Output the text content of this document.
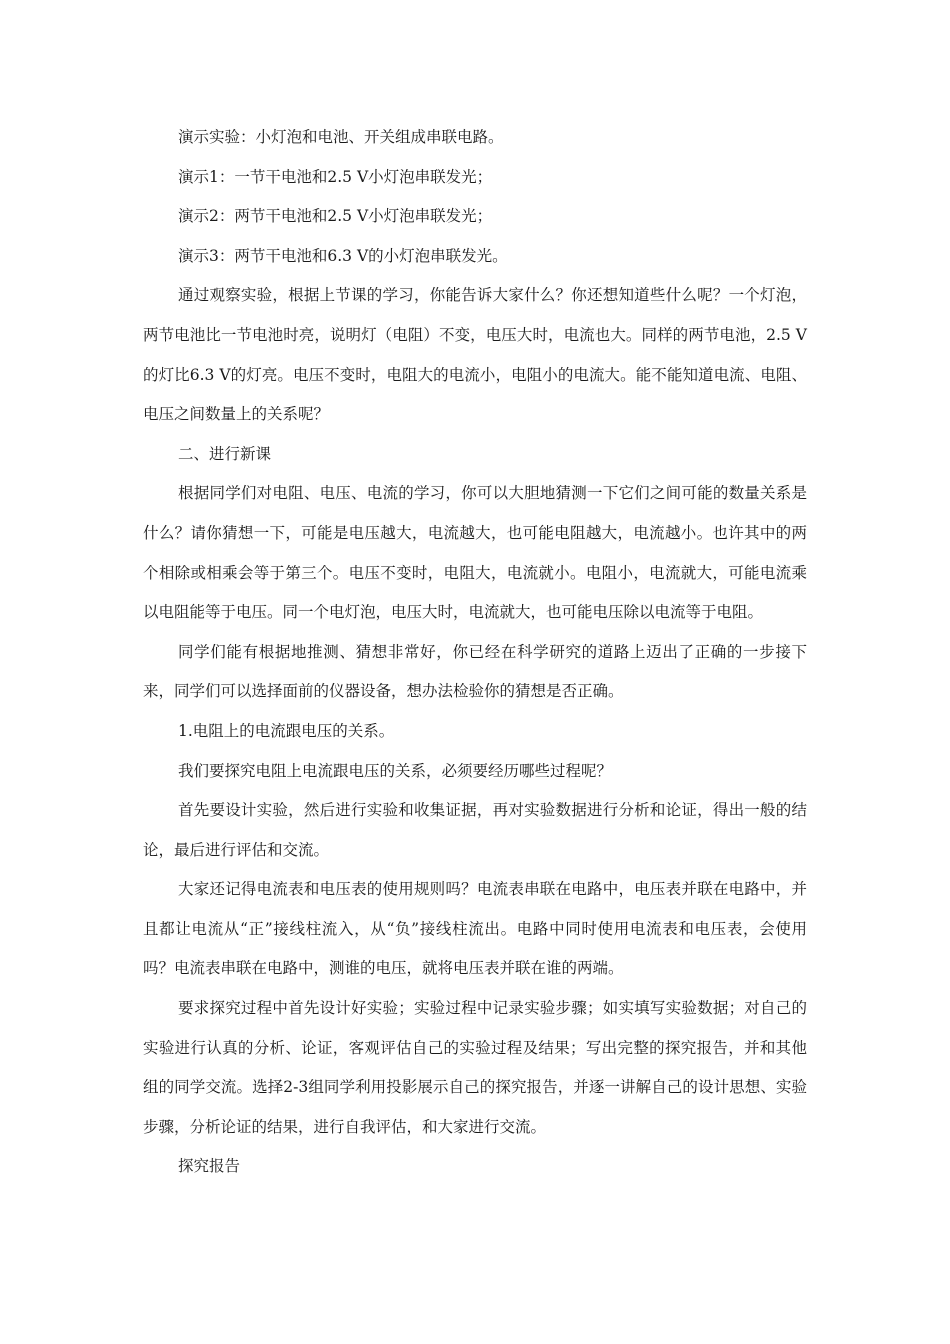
演示实验：小灯泡和电池、开关组成串联电路。

演示1：一节干电池和2.5 V小灯泡串联发光；

演示2：两节干电池和2.5 V小灯泡串联发光；

演示3：两节干电池和6.3 V的小灯泡串联发光。

通过观察实验，根据上节课的学习，你能告诉大家什么？你还想知道些什么呢？一个灯泡，两节电池比一节电池时亮，说明灯（电阻）不变，电压大时，电流也大。同样的两节电池，2.5 V的灯比6.3 V的灯亮。电压不变时，电阻大的电流小，电阻小的电流大。能不能知道电流、电阻、电压之间数量上的关系呢？

二、进行新课

根据同学们对电阻、电压、电流的学习，你可以大胆地猜测一下它们之间可能的数量关系是什么？请你猜想一下，可能是电压越大，电流越大，也可能电阻越大，电流越小。也许其中的两个相除或相乘会等于第三个。电压不变时，电阻大，电流就小。电阻小，电流就大，可能电流乘以电阻能等于电压。同一个电灯泡，电压大时，电流就大，也可能电压除以电流等于电阻。

同学们能有根据地推测、猜想非常好，你已经在科学研究的道路上迈出了正确的一步接下来，同学们可以选择面前的仪器设备，想办法检验你的猜想是否正确。

1.电阻上的电流跟电压的关系。

我们要探究电阻上电流跟电压的关系，必须要经历哪些过程呢？

首先要设计实验，然后进行实验和收集证据，再对实验数据进行分析和论证，得出一般的结论，最后进行评估和交流。

大家还记得电流表和电压表的使用规则吗？电流表串联在电路中，电压表并联在电路中，并且都让电流从“正”接线柱流入，从“负”接线柱流出。电路中同时使用电流表和电压表，会使用吗？电流表串联在电路中，测谁的电压，就将电压表并联在谁的两端。

要求探究过程中首先设计好实验；实验过程中记录实验步骤；如实填写实验数据；对自己的实验进行认真的分析、论证，客观评估自己的实验过程及结果；写出完整的探究报告，并和其他组的同学交流。选择2-3组同学利用投影展示自己的探究报告，并逐一讲解自己的设计思想、实验步骤，分析论证的结果，进行自我评估，和大家进行交流。

探究报告
